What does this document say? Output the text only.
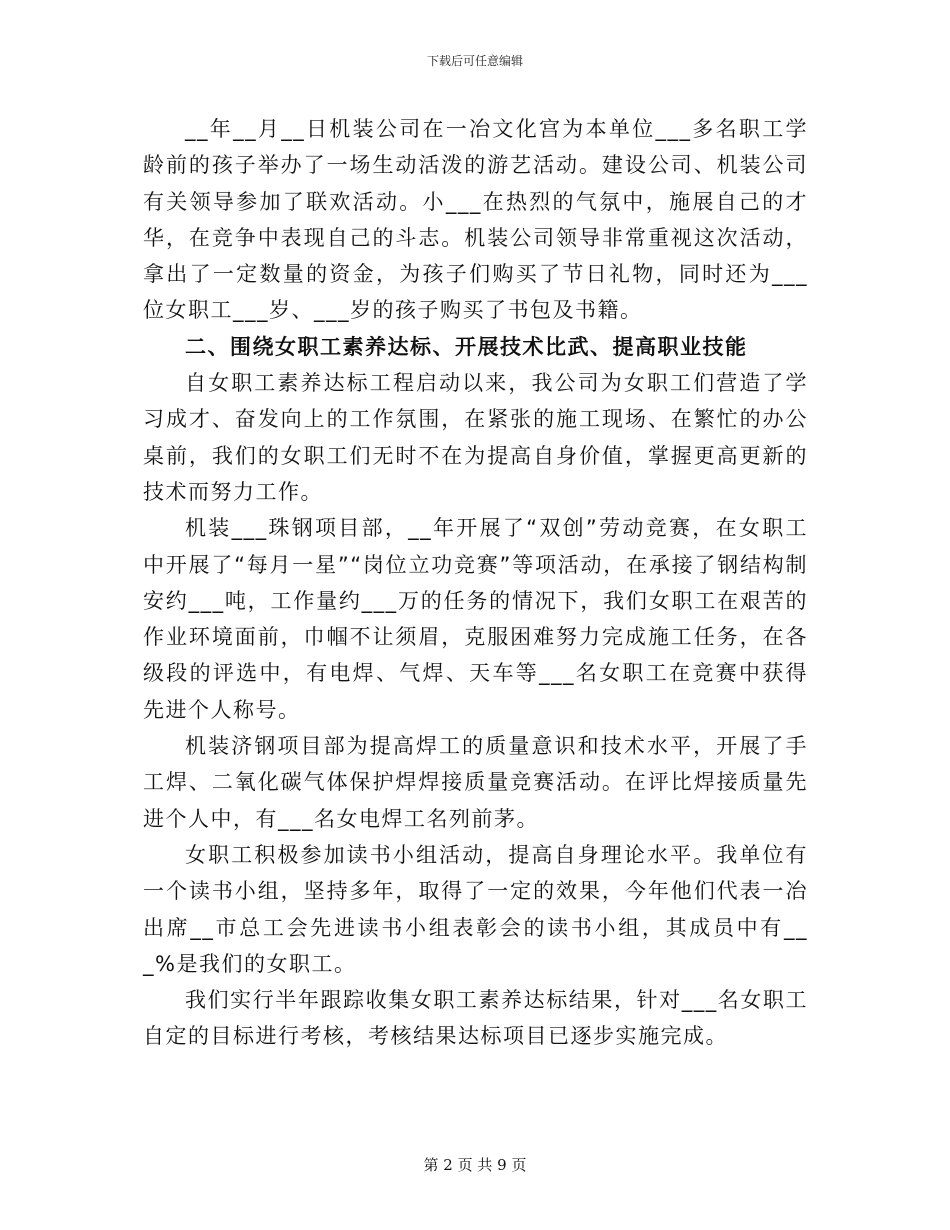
下载后可任意编辑

__年__月__日机装公司在一冶文化宫为本单位___多名职工学龄前的孩子举办了一场生动活泼的游艺活动。建设公司、机装公司有关领导参加了联欢活动。小___在热烈的气氛中，施展自己的才华，在竞争中表现自己的斗志。机装公司领导非常重视这次活动，拿出了一定数量的资金，为孩子们购买了节日礼物，同时还为___位女职工___岁、___岁的孩子购买了书包及书籍。

二、围绕女职工素养达标、开展技术比武、提高职业技能

自女职工素养达标工程启动以来，我公司为女职工们营造了学习成才、奋发向上的工作氛围，在紧张的施工现场、在繁忙的办公桌前，我们的女职工们无时不在为提高自身价值，掌握更高更新的技术而努力工作。

机装___珠钢项目部，__年开展了“双创”劳动竞赛，在女职工中开展了“每月一星”“岗位立功竞赛”等项活动，在承接了钢结构制安约___吨，工作量约___万的任务的情况下，我们女职工在艰苦的作业环境面前，巾帼不让须眉，克服困难努力完成施工任务，在各级段的评选中，有电焊、气焊、天车等___名女职工在竞赛中获得先进个人称号。

机装济钢项目部为提高焊工的质量意识和技术水平，开展了手工焊、二氧化碳气体保护焊焊接质量竞赛活动。在评比焊接质量先进个人中，有___名女电焊工名列前茅。

女职工积极参加读书小组活动，提高自身理论水平。我单位有一个读书小组，坚持多年，取得了一定的效果，今年他们代表一冶出席__市总工会先进读书小组表彰会的读书小组，其成员中有___%是我们的女职工。

我们实行半年跟踪收集女职工素养达标结果，针对___名女职工自定的目标进行考核，考核结果达标项目已逐步实施完成。

第 2 页 共 9 页
